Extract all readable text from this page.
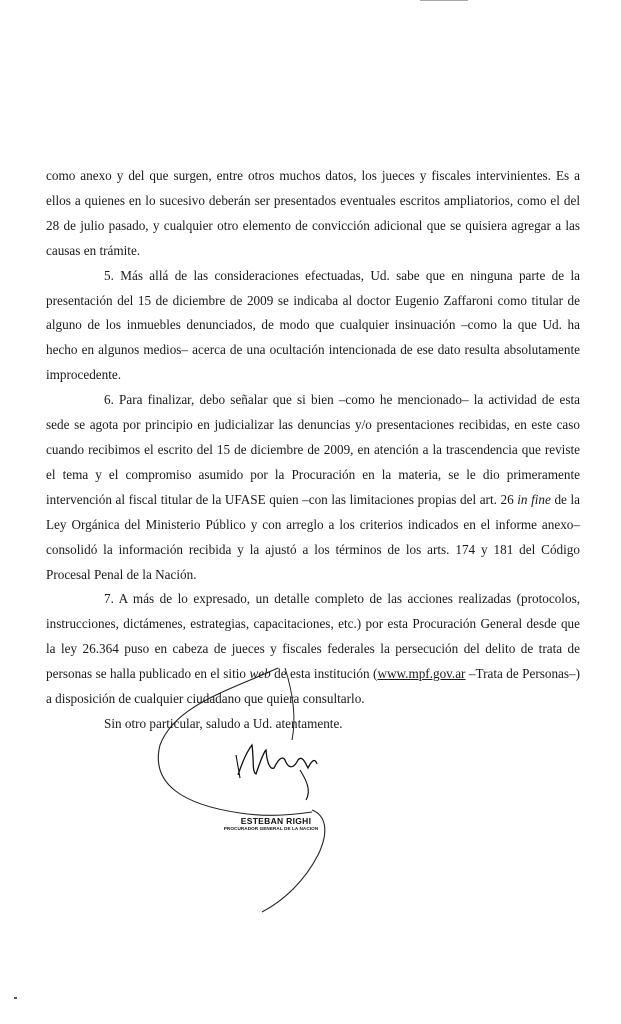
como anexo y del que surgen, entre otros muchos datos, los jueces y fiscales intervinientes. Es a ellos a quienes en lo sucesivo deberán ser presentados eventuales escritos ampliatorios, como el del 28 de julio pasado, y cualquier otro elemento de convicción adicional que se quisiera agregar a las causas en trámite.

5. Más allá de las consideraciones efectuadas, Ud. sabe que en ninguna parte de la presentación del 15 de diciembre de 2009 se indicaba al doctor Eugenio Zaffaroni como titular de alguno de los inmuebles denunciados, de modo que cualquier insinuación –como la que Ud. ha hecho en algunos medios– acerca de una ocultación intencionada de ese dato resulta absolutamente improcedente.

6. Para finalizar, debo señalar que si bien –como he mencionado– la actividad de esta sede se agota por principio en judicializar las denuncias y/o presentaciones recibidas, en este caso cuando recibimos el escrito del 15 de diciembre de 2009, en atención a la trascendencia que reviste el tema y el compromiso asumido por la Procuración en la materia, se le dio primeramente intervención al fiscal titular de la UFASE quien –con las limitaciones propias del art. 26 in fine de la Ley Orgánica del Ministerio Público y con arreglo a los criterios indicados en el informe anexo– consolidó la información recibida y la ajustó a los términos de los arts. 174 y 181 del Código Procesal Penal de la Nación.

7. A más de lo expresado, un detalle completo de las acciones realizadas (protocolos, instrucciones, dictámenes, estrategias, capacitaciones, etc.) por esta Procuración General desde que la ley 26.364 puso en cabeza de jueces y fiscales federales la persecución del delito de trata de personas se halla publicado en el sitio web de esta institución (www.mpf.gov.ar –Trata de Personas–) a disposición de cualquier ciudadano que quiera consultarlo.

Sin otro particular, saludo a Ud. atentamente.

ESTEBAN RIGHI
PROCURADOR GENERAL DE LA NACION
